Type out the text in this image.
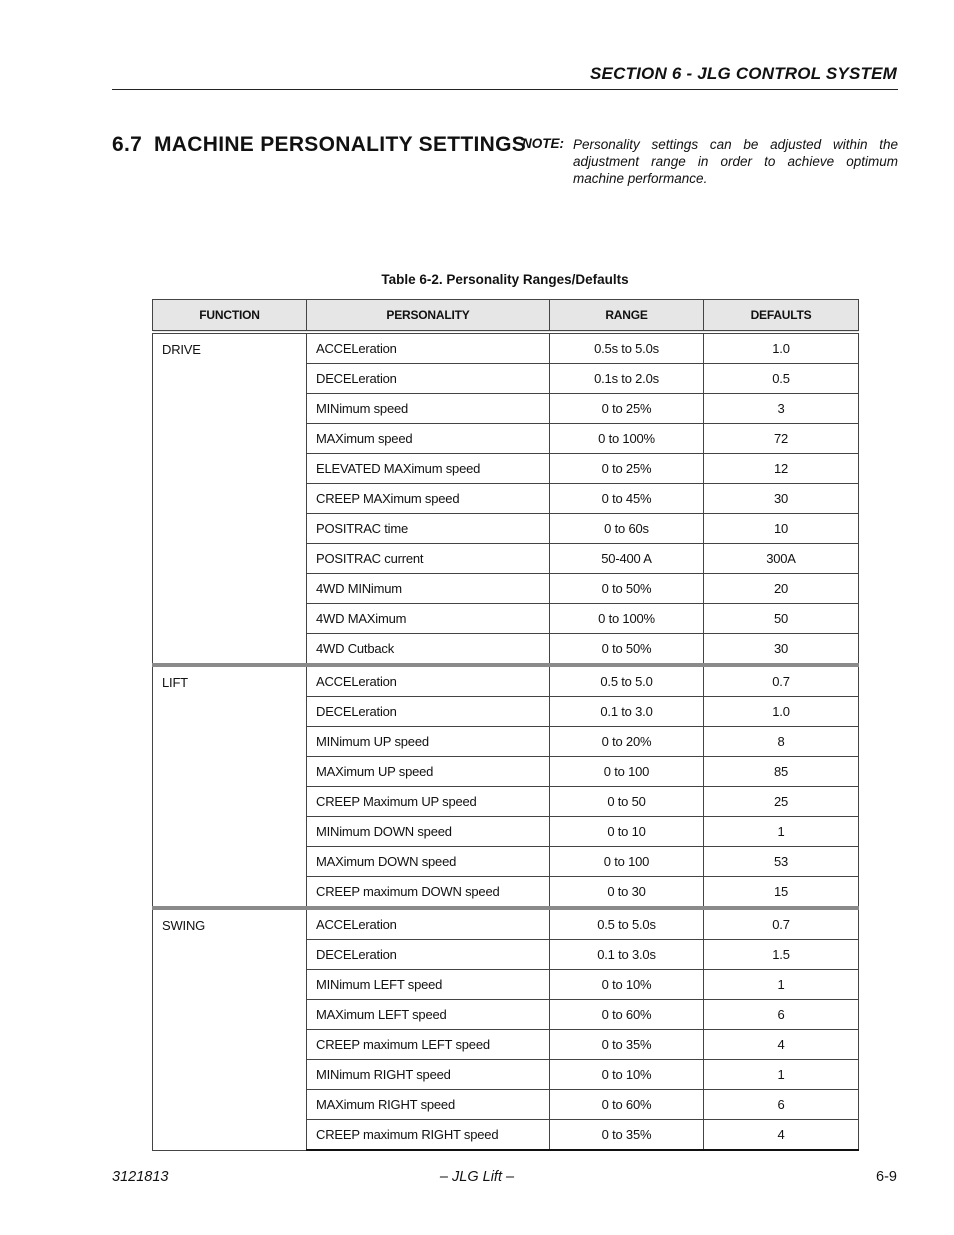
SECTION 6 - JLG CONTROL SYSTEM
6.7 MACHINE PERSONALITY SETTINGS
NOTE: Personality settings can be adjusted within the adjustment range in order to achieve optimum machine performance.
Table 6-2. Personality Ranges/Defaults
FUNCTION	PERSONALITY	RANGE	DEFAULTS
DRIVE	ACCELeration	0.5s to 5.0s	1.0
	DECELeration	0.1s to 2.0s	0.5
	MINimum speed	0 to 25%	3
	MAXimum speed	0 to 100%	72
	ELEVATED MAXimum speed	0 to 25%	12
	CREEP MAXimum speed	0 to 45%	30
	POSITRAC time	0 to 60s	10
	POSITRAC current	50-400 A	300A
	4WD MINimum	0 to 50%	20
	4WD MAXimum	0 to 100%	50
	4WD Cutback	0 to 50%	30
LIFT	ACCELeration	0.5 to 5.0	0.7
	DECELeration	0.1 to 3.0	1.0
	MINimum UP speed	0 to 20%	8
	MAXimum UP speed	0 to 100	85
	CREEP Maximum UP speed	0 to 50	25
	MINimum DOWN speed	0 to 10	1
	MAXimum DOWN speed	0 to 100	53
	CREEP maximum DOWN speed	0 to 30	15
SWING	ACCELeration	0.5 to 5.0s	0.7
	DECELeration	0.1 to 3.0s	1.5
	MINimum LEFT speed	0 to 10%	1
	MAXimum LEFT speed	0 to 60%	6
	CREEP maximum LEFT speed	0 to 35%	4
	MINimum RIGHT speed	0 to 10%	1
	MAXimum RIGHT speed	0 to 60%	6
	CREEP maximum RIGHT speed	0 to 35%	4
3121813	– JLG Lift –	6-9
